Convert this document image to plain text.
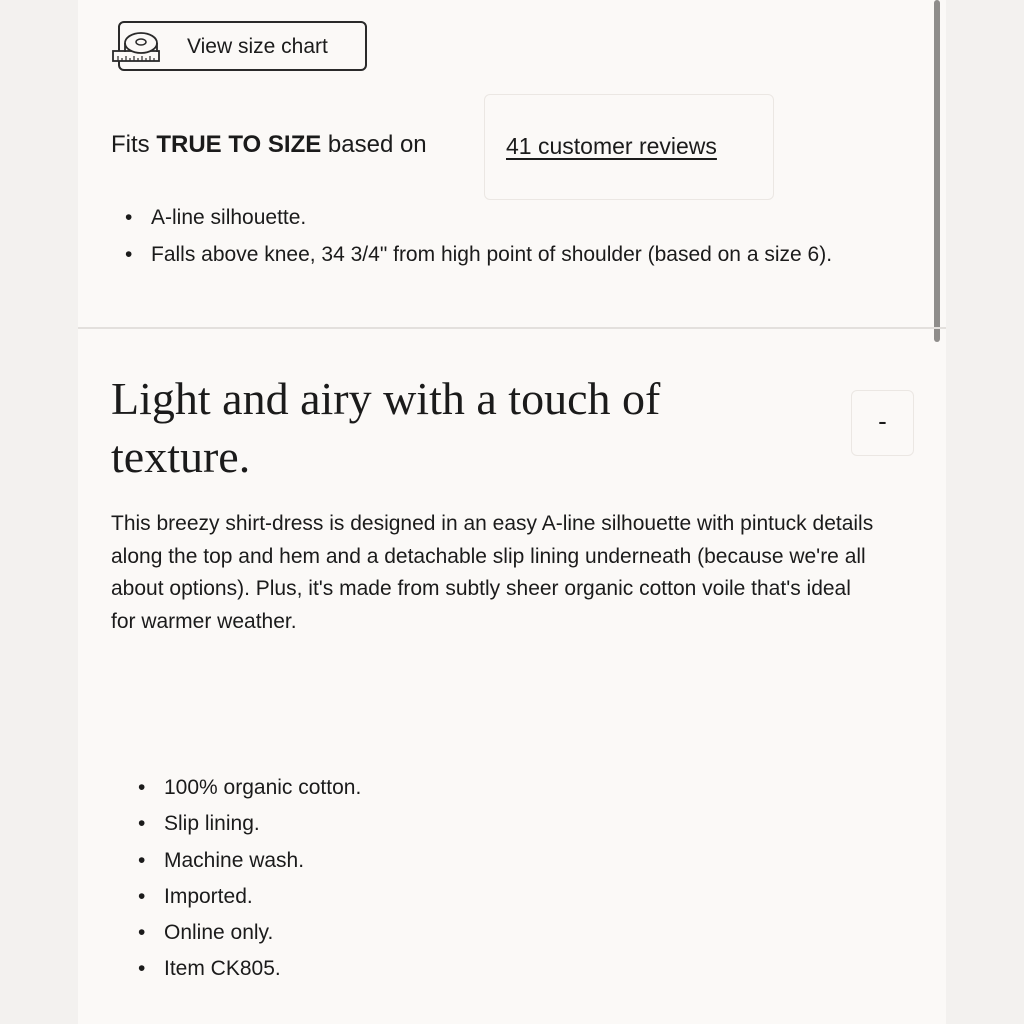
View size chart
Fits TRUE TO SIZE based on	41 customer reviews
• A-line silhouette.
• Falls above knee, 34 3/4" from high point of shoulder (based on a size 6).
Light and airy with a touch of texture.
-

This breezy shirt-dress is designed in an easy A-line silhouette with pintuck details along the top and hem and a detachable slip lining underneath (because we're all about options). Plus, it's made from subtly sheer organic cotton voile that's ideal for warmer weather.

• 100% organic cotton.
• Slip lining.
• Machine wash.
• Imported.
• Online only.
• Item CK805.
